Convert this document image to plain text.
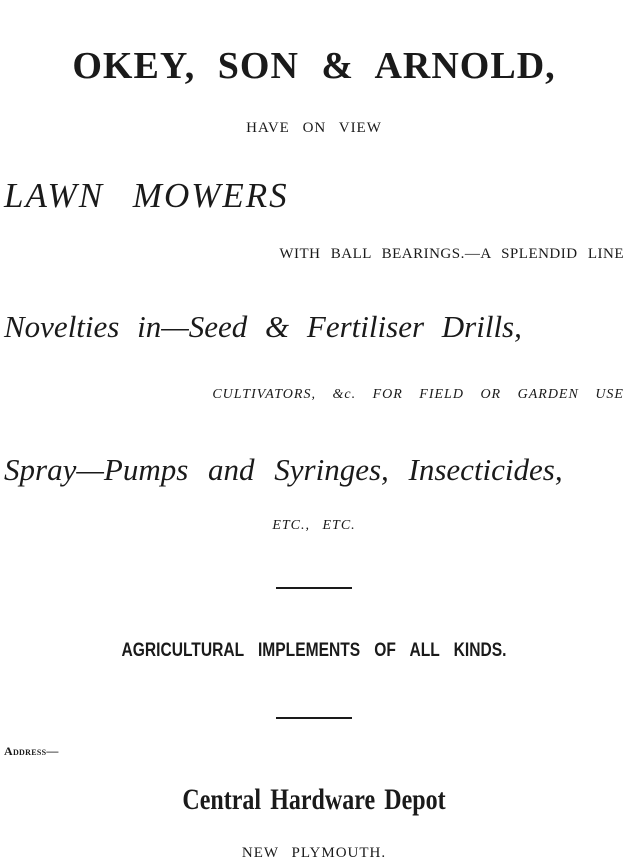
OKEY, SON & ARNOLD,

HAVE ON VIEW

LAWN MOWERS

WITH BALL BEARINGS.—A SPLENDID LINE

Novelties in—Seed & Fertiliser Drills,

CULTIVATORS, &c. FOR FIELD OR GARDEN USE

Spray—Pumps and Syringes, Insecticides,

ETC., ETC.

AGRICULTURAL IMPLEMENTS OF ALL KINDS.

Address—

Central Hardware Depot

NEW PLYMOUTH.
